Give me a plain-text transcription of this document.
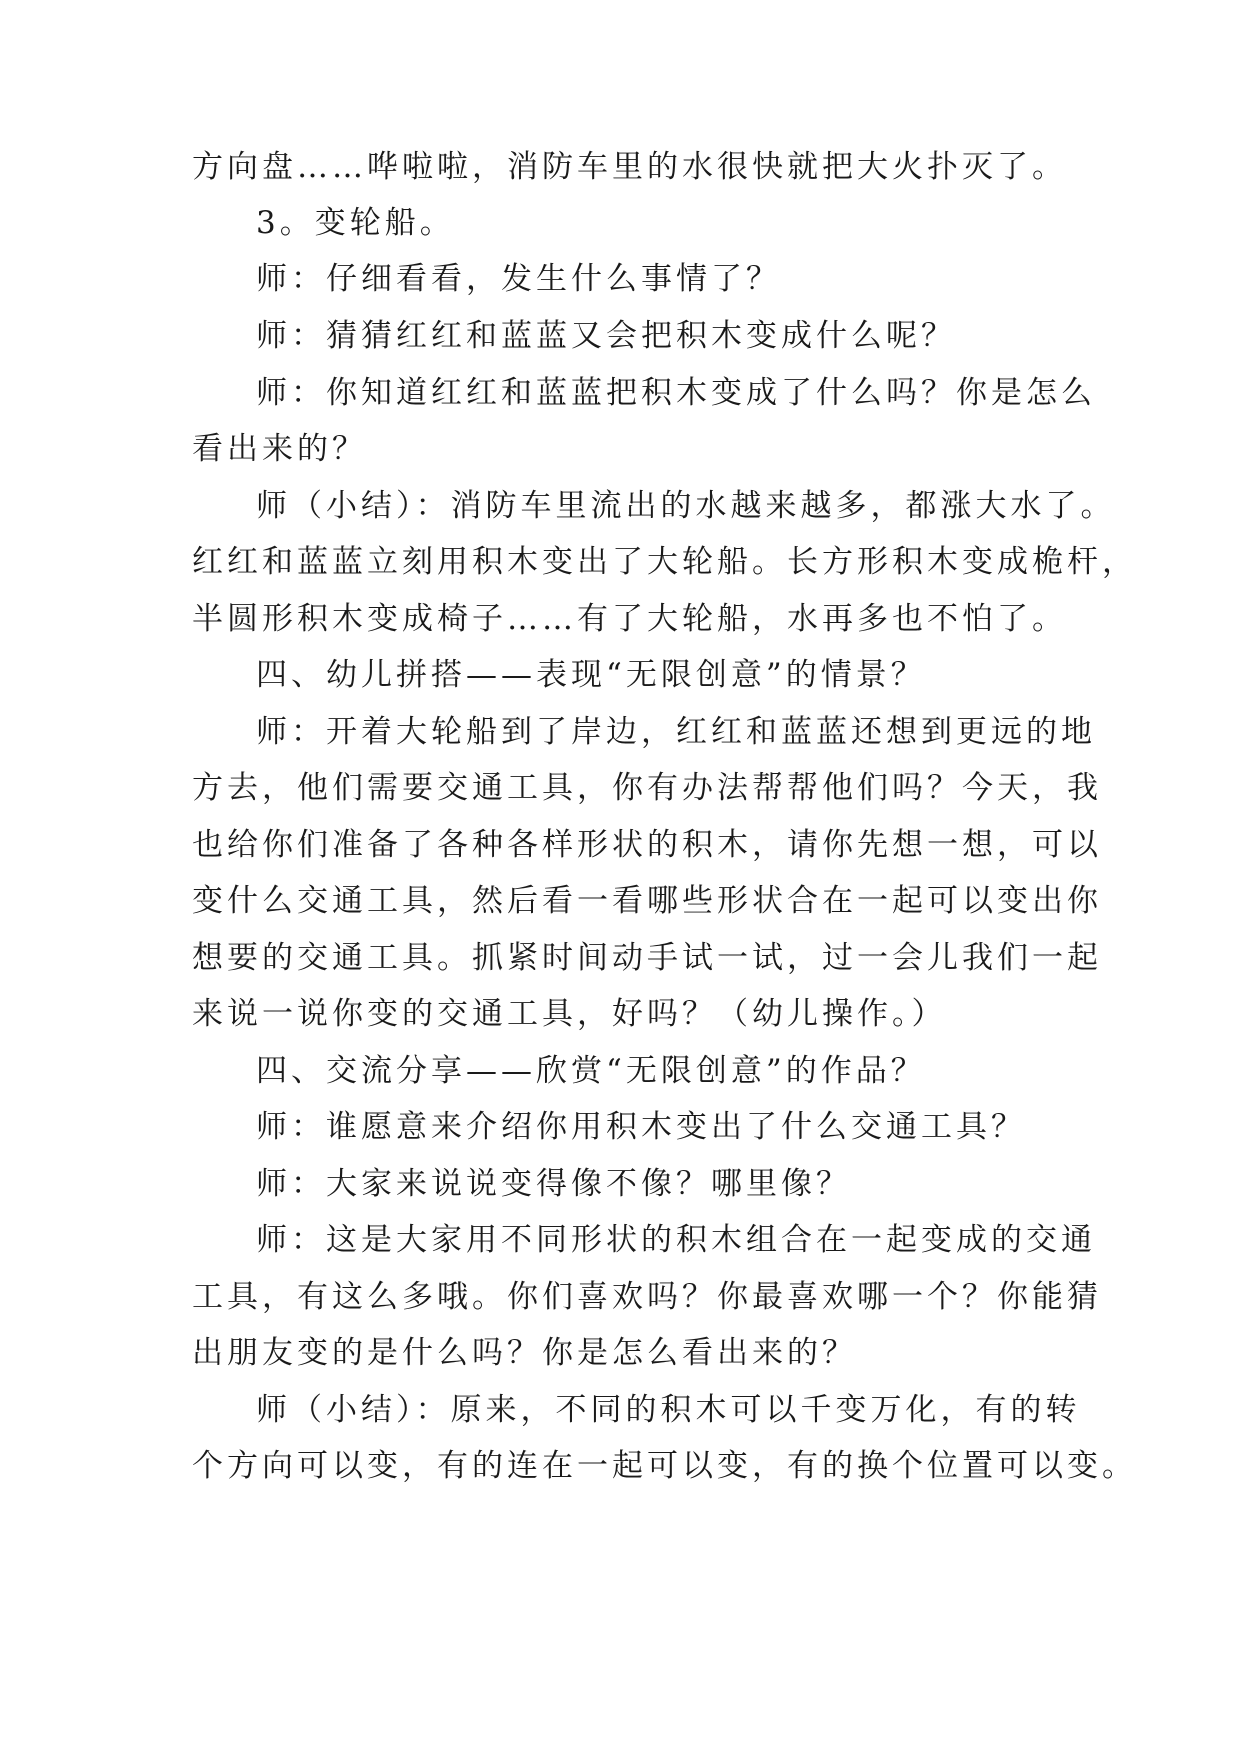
方向盘……哗啦啦，消防车里的水很快就把大火扑灭了。
3。变轮船。
师：仔细看看，发生什么事情了？
师：猜猜红红和蓝蓝又会把积木变成什么呢？
师：你知道红红和蓝蓝把积木变成了什么吗？你是怎么
看出来的？
师（小结）：消防车里流出的水越来越多，都涨大水了。
红红和蓝蓝立刻用积木变出了大轮船。长方形积木变成桅杆，
半圆形积木变成椅子……有了大轮船，水再多也不怕了。
四、幼儿拼搭——表现“无限创意”的情景？
师：开着大轮船到了岸边，红红和蓝蓝还想到更远的地
方去，他们需要交通工具，你有办法帮帮他们吗？今天，我
也给你们准备了各种各样形状的积木，请你先想一想，可以
变什么交通工具，然后看一看哪些形状合在一起可以变出你
想要的交通工具。抓紧时间动手试一试，过一会儿我们一起
来说一说你变的交通工具，好吗？（幼儿操作。）
四、交流分享——欣赏“无限创意”的作品？
师：谁愿意来介绍你用积木变出了什么交通工具？
师：大家来说说变得像不像？哪里像？
师：这是大家用不同形状的积木组合在一起变成的交通
工具，有这么多哦。你们喜欢吗？你最喜欢哪一个？你能猜
出朋友变的是什么吗？你是怎么看出来的？
师（小结）：原来，不同的积木可以千变万化，有的转
个方向可以变，有的连在一起可以变，有的换个位置可以变。
